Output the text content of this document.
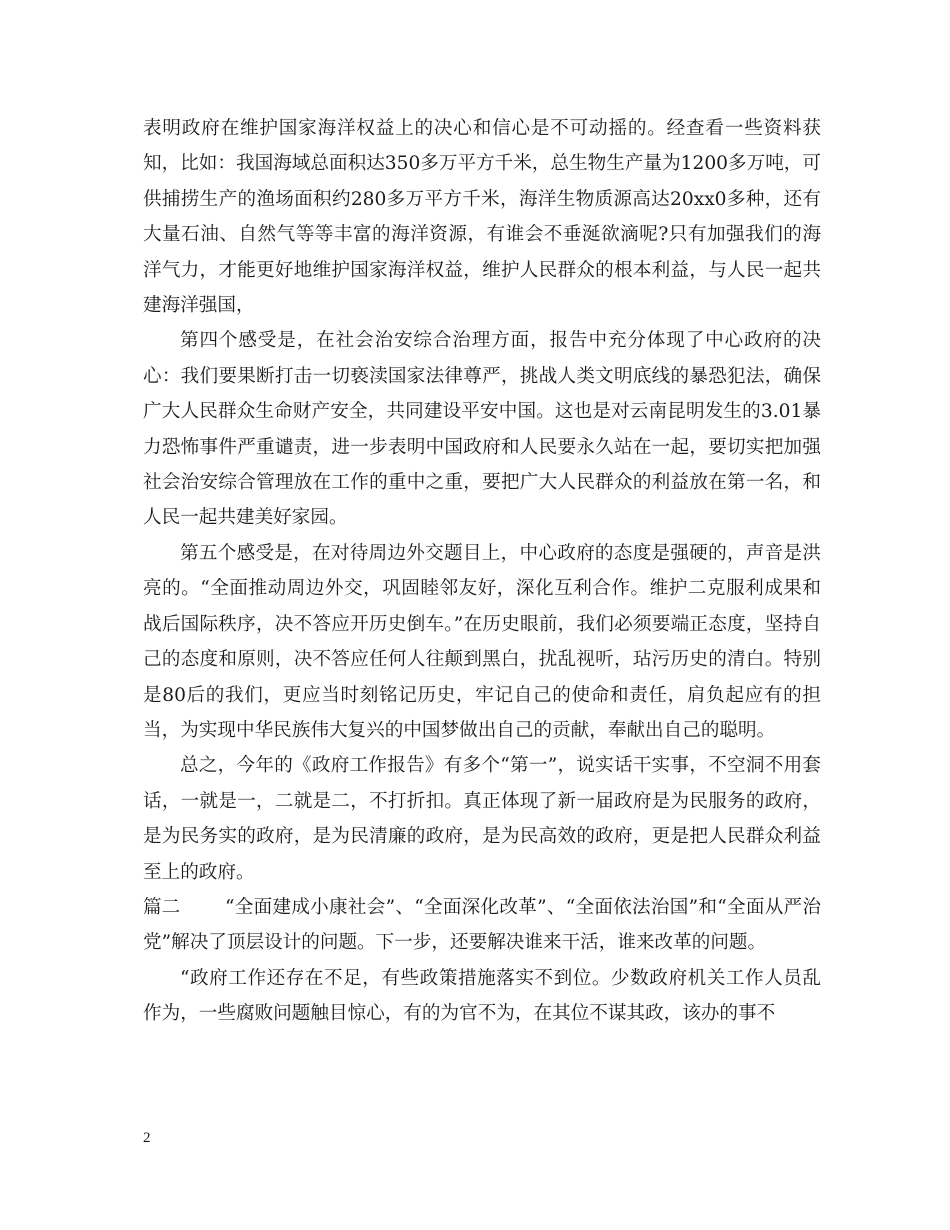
表明政府在维护国家海洋权益上的决心和信心是不可动摇的。经查看一些资料获知，比如：我国海域总面积达350多万平方千米，总生物生产量为1200多万吨，可供捕捞生产的渔场面积约280多万平方千米，海洋生物质源高达20xx0多种，还有大量石油、自然气等等丰富的海洋资源，有谁会不垂涎欲滴呢?只有加强我们的海洋气力，才能更好地维护国家海洋权益，维护人民群众的根本利益，与人民一起共建海洋强国，

第四个感受是，在社会治安综合治理方面，报告中充分体现了中心政府的决心：我们要果断打击一切亵渎国家法律尊严，挑战人类文明底线的暴恐犯法，确保广大人民群众生命财产安全，共同建设平安中国。这也是对云南昆明发生的3.01暴力恐怖事件严重谴责，进一步表明中国政府和人民要永久站在一起，要切实把加强社会治安综合管理放在工作的重中之重，要把广大人民群众的利益放在第一名，和人民一起共建美好家园。

第五个感受是，在对待周边外交题目上，中心政府的态度是强硬的，声音是洪亮的。“全面推动周边外交，巩固睦邻友好，深化互利合作。维护二克服利成果和战后国际秩序，决不答应开历史倒车。”在历史眼前，我们必须要端正态度，坚持自己的态度和原则，决不答应任何人往颠到黑白，扰乱视听，玷污历史的清白。特别是80后的我们，更应当时刻铭记历史，牢记自己的使命和责任，肩负起应有的担当，为实现中华民族伟大复兴的中国梦做出自己的贡献，奉献出自己的聪明。

总之，今年的《政府工作报告》有多个“第一”，说实话干实事，不空洞不用套话，一就是一，二就是二，不打折扣。真正体现了新一届政府是为民服务的政府，是为民务实的政府，是为民清廉的政府，是为民高效的政府，更是把人民群众利益至上的政府。

篇二 “全面建成小康社会”、“全面深化改革”、“全面依法治国”和“全面从严治党”解决了顶层设计的问题。下一步，还要解决谁来干活，谁来改革的问题。

“政府工作还存在不足，有些政策措施落实不到位。少数政府机关工作人员乱作为，一些腐败问题触目惊心，有的为官不为，在其位不谋其政，该办的事不

2
